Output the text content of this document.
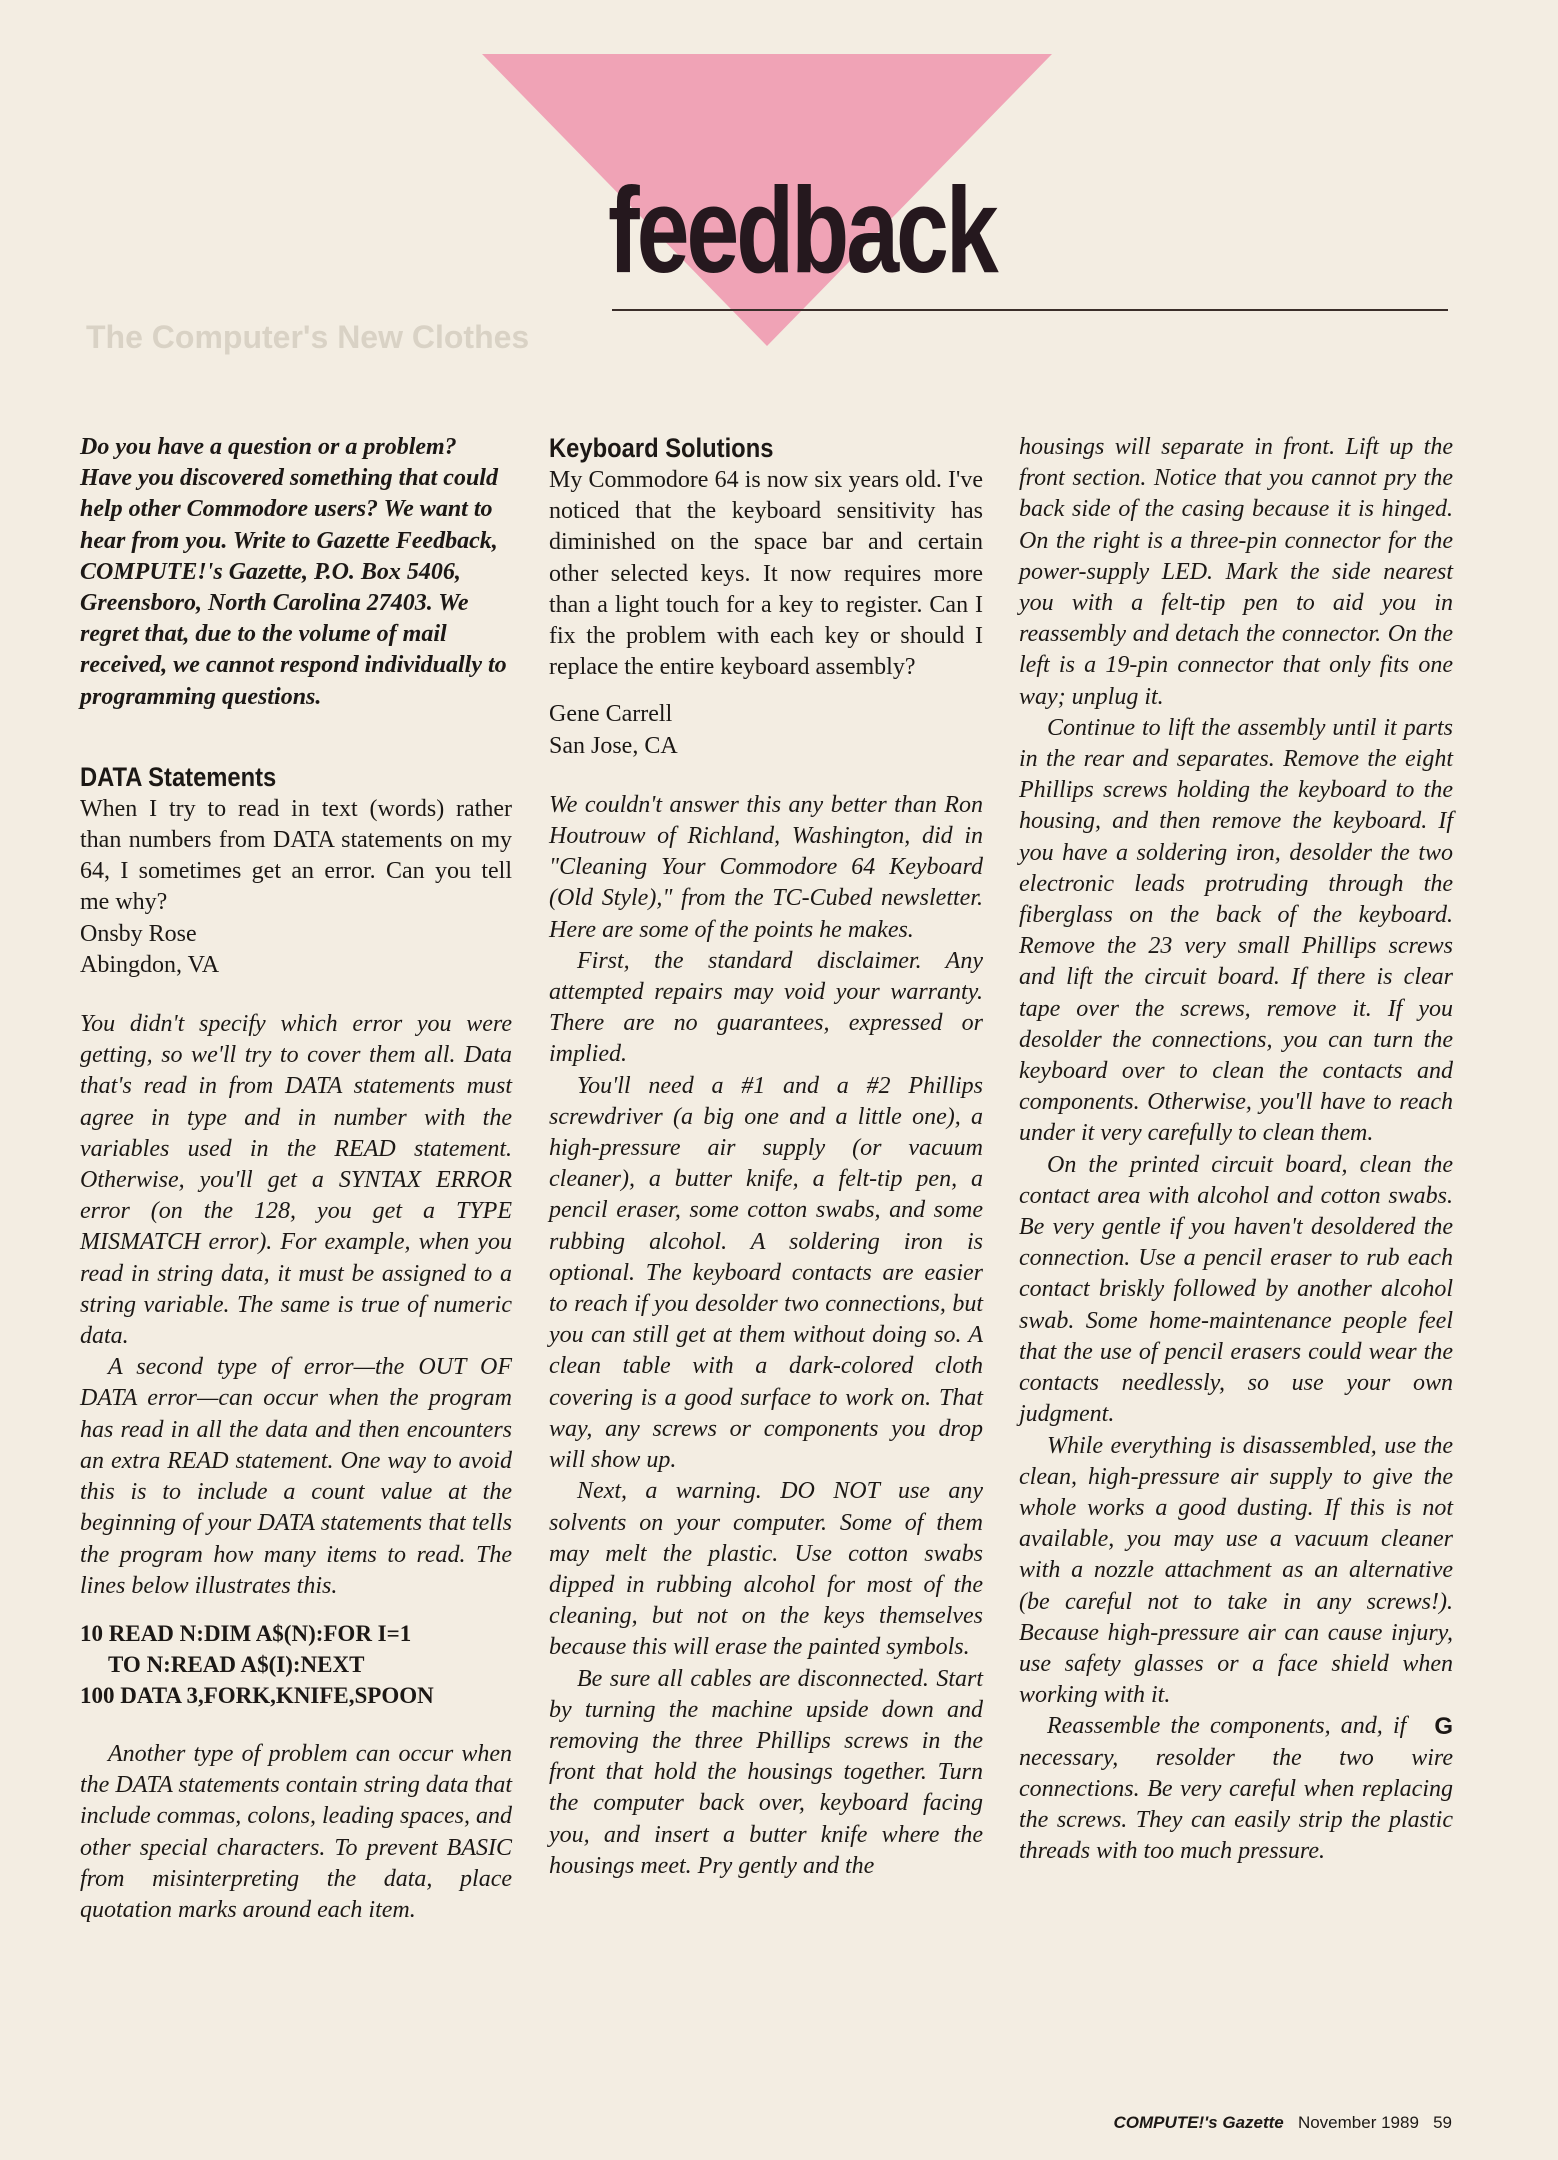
The Computer's New Clothes
feedback

Do you have a question or a problem? Have you discovered something that could help other Commodore users? We want to hear from you. Write to Gazette Feedback, COMPUTE!'s Gazette, P.O. Box 5406, Greensboro, North Carolina 27403. We regret that, due to the volume of mail received, we cannot respond individually to programming questions.

DATA Statements

When I try to read in text (words) rather than numbers from DATA statements on my 64, I sometimes get an error. Can you tell me why?

Onsby Rose

Abingdon, VA

You didn't specify which error you were getting, so we'll try to cover them all. Data that's read in from DATA statements must agree in type and in number with the variables used in the READ statement. Otherwise, you'll get a SYNTAX ERROR error (on the 128, you get a TYPE MISMATCH error). For example, when you read in string data, it must be assigned to a string variable. The same is true of numeric data.

A second type of error—the OUT OF DATA error—can occur when the program has read in all the data and then encounters an extra READ statement. One way to avoid this is to include a count value at the beginning of your DATA statements that tells the program how many items to read. The lines below illustrates this.

10 READ N:DIM A$(N):FOR I=1

TO N:READ A$(I):NEXT

100 DATA 3,FORK,KNIFE,SPOON

Another type of problem can occur when the DATA statements contain string data that include commas, colons, leading spaces, and other special characters. To prevent BASIC from misinterpreting the data, place quotation marks around each item.

Keyboard Solutions

My Commodore 64 is now six years old. I've noticed that the keyboard sensitivity has diminished on the space bar and certain other selected keys. It now requires more than a light touch for a key to register. Can I fix the problem with each key or should I replace the entire keyboard assembly?

Gene Carrell

San Jose, CA

We couldn't answer this any better than Ron Houtrouw of Richland, Washington, did in "Cleaning Your Commodore 64 Keyboard (Old Style)," from the TC-Cubed newsletter. Here are some of the points he makes.

First, the standard disclaimer. Any attempted repairs may void your warranty. There are no guarantees, expressed or implied.

You'll need a #1 and a #2 Phillips screwdriver (a big one and a little one), a high-pressure air supply (or vacuum cleaner), a butter knife, a felt-tip pen, a pencil eraser, some cotton swabs, and some rubbing alcohol. A soldering iron is optional. The keyboard contacts are easier to reach if you desolder two connections, but you can still get at them without doing so. A clean table with a dark-colored cloth covering is a good surface to work on. That way, any screws or components you drop will show up.

Next, a warning. DO NOT use any solvents on your computer. Some of them may melt the plastic. Use cotton swabs dipped in rubbing alcohol for most of the cleaning, but not on the keys themselves because this will erase the painted symbols.

Be sure all cables are disconnected. Start by turning the machine upside down and removing the three Phillips screws in the front that hold the housings together. Turn the computer back over, keyboard facing you, and insert a butter knife where the housings meet. Pry gently and the

housings will separate in front. Lift up the front section. Notice that you cannot pry the back side of the casing because it is hinged. On the right is a three-pin connector for the power-supply LED. Mark the side nearest you with a felt-tip pen to aid you in reassembly and detach the connector. On the left is a 19-pin connector that only fits one way; unplug it.

Continue to lift the assembly until it parts in the rear and separates. Remove the eight Phillips screws holding the keyboard to the housing, and then remove the keyboard. If you have a soldering iron, desolder the two electronic leads protruding through the fiberglass on the back of the keyboard. Remove the 23 very small Phillips screws and lift the circuit board. If there is clear tape over the screws, remove it. If you desolder the connections, you can turn the keyboard over to clean the contacts and components. Otherwise, you'll have to reach under it very carefully to clean them.

On the printed circuit board, clean the contact area with alcohol and cotton swabs. Be very gentle if you haven't desoldered the connection. Use a pencil eraser to rub each contact briskly followed by another alcohol swab. Some home-maintenance people feel that the use of pencil erasers could wear the contacts needlessly, so use your own judgment.

While everything is disassembled, use the clean, high-pressure air supply to give the whole works a good dusting. If this is not available, you may use a vacuum cleaner with a nozzle attachment as an alternative (be careful not to take in any screws!). Because high-pressure air can cause injury, use safety glasses or a face shield when working with it.

G
Reassemble the components, and, if necessary, resolder the two wire connections. Be very careful when replacing the screws. They can easily strip the plastic threads with too much pressure.

COMPUTE!'s Gazette November 1989 59
